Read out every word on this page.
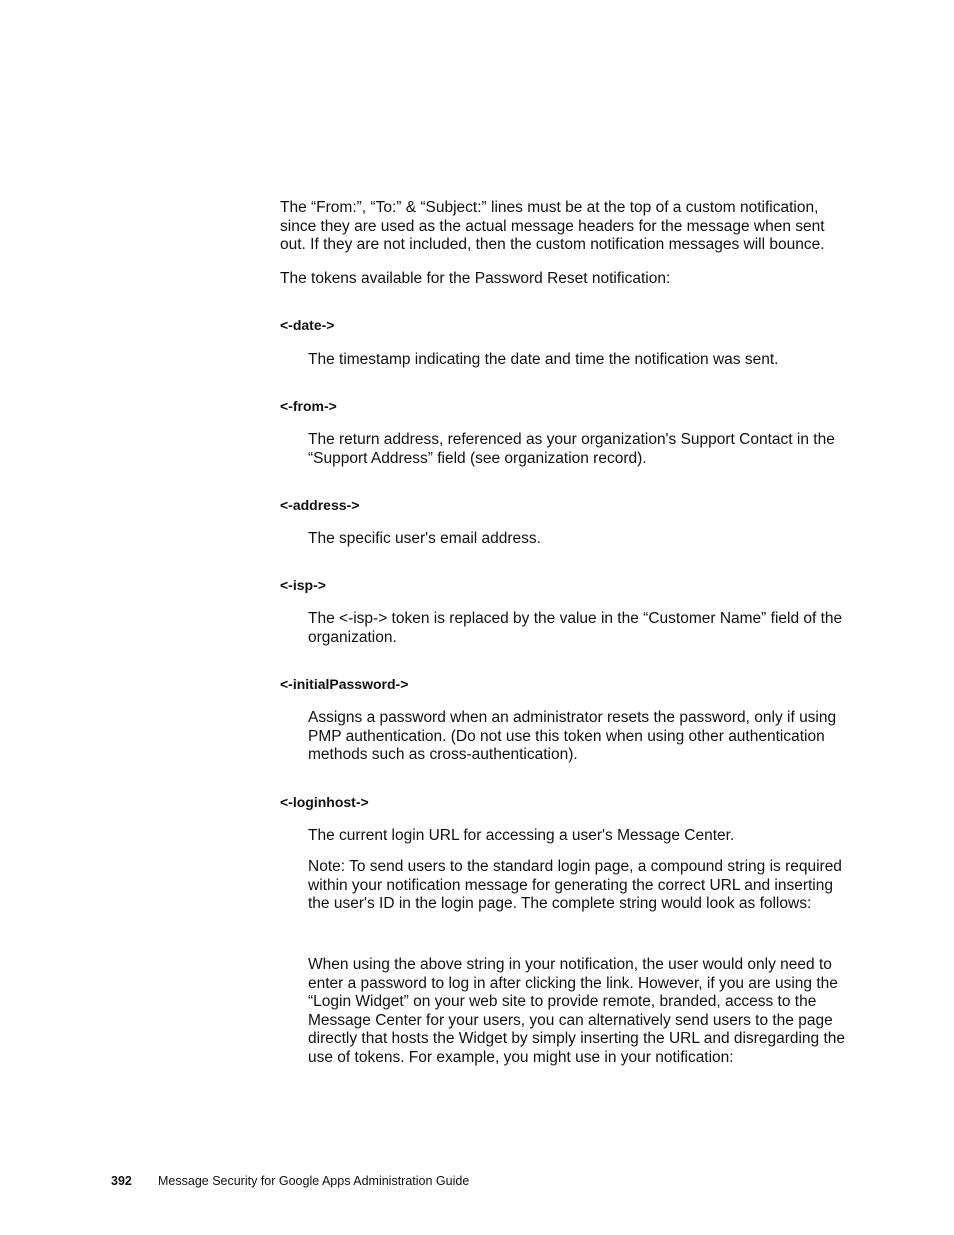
The “From:”, “To:” & “Subject:” lines must be at the top of a custom notification, since they are used as the actual message headers for the message when sent out. If they are not included, then the custom notification messages will bounce.

The tokens available for the Password Reset notification:

<-date->

The timestamp indicating the date and time the notification was sent.

<-from->

The return address, referenced as your organization's Support Contact in the “Support Address” field (see organization record).

<-address->

The specific user's email address.

<-isp->

The <-isp-> token is replaced by the value in the “Customer Name” field of the organization.

<-initialPassword->

Assigns a password when an administrator resets the password, only if using PMP authentication. (Do not use this token when using other authentication methods such as cross-authentication).

<-loginhost->

The current login URL for accessing a user's Message Center.

Note: To send users to the standard login page, a compound string is required within your notification message for generating the correct URL and inserting the user's ID in the login page. The complete string would look as follows:

When using the above string in your notification, the user would only need to enter a password to log in after clicking the link. However, if you are using the “Login Widget” on your web site to provide remote, branded, access to the Message Center for your users, you can alternatively send users to the page directly that hosts the Widget by simply inserting the URL and disregarding the use of tokens. For example, you might use in your notification:

392 Message Security for Google Apps Administration Guide
